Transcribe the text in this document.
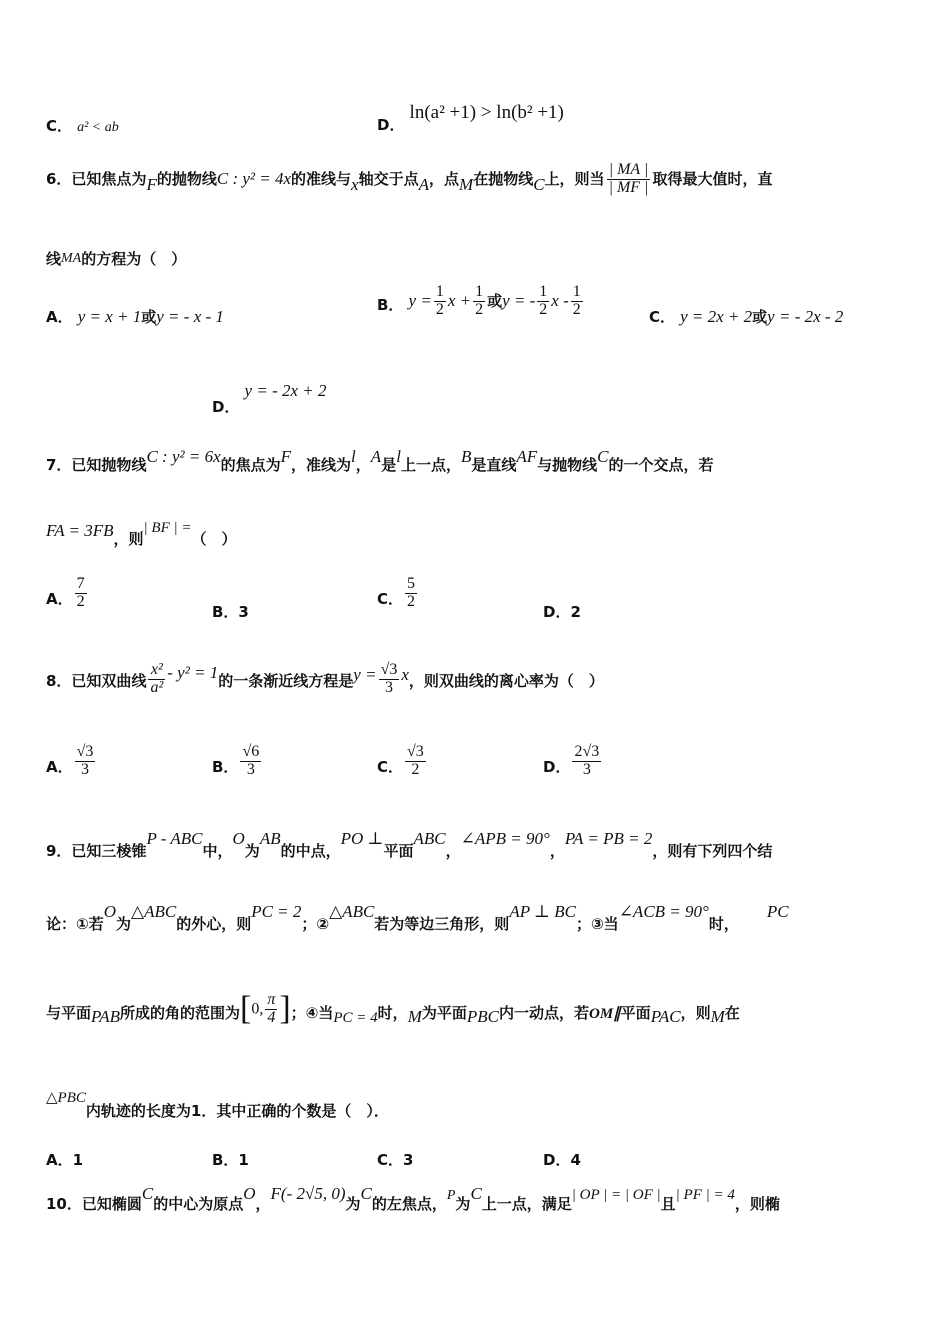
C． a² < ab	D． ln(a² +1) > ln(b² +1)
6．已知焦点为F的抛物线C : y² = 4x的准线与x轴交于点A，点M在抛物线C上，则当 $\frac{| MA |}{| MF |}$ 取得最大值时，直
线MA的方程为（　）
A． y = x + 1或y = - x - 1
B． $y = \frac{1}{2}$ $x + \frac{1}{2}$ 或y = - $\frac{1}{2}$ x - $\frac{1}{2}$	C． y = 2x + 2或y = - 2x - 2
D． y = - 2x + 2
7．已知抛物线C : y² = 6x的焦点为F，准线为l，A是l上一点，B是直线AF与抛物线C的一个交点，若
FA = 3FB，则| BF | =（　）
A． $\frac{7}{2}$
B．3
C． $\frac{5}{2}$
D．2
8．已知双曲线 $\frac{\text{x²}}{\text{a²}} - y^2 = 1$的一条渐近线方程是$y = \frac{√3}{3}$ x，则双曲线的离心率为（　）
A． $\frac{√3}{3}$	B． $\frac{√6}{3}$	C． $\frac{√3}{2}$	D． $\frac{2√3}{3}$
9．已知三棱锥P - ABC中，O为AB的中点，PO ⊥平面ABC，∠APB = 90°，PA = PB = 2，则有下列四个结
论：①若O为△ABC的外心，则PC = 2；②△ABC若为等边三角形，则AP ⊥ BC；③当∠ACB = 90°时，PC
与平面PAB所成的角的范围为[0, $\frac{\pi}{4}$ ]；④当PC = 4时，M为平面PBC内一动点，若OM∥平面PAC，则M在
△PBC内轨迹的长度为1．其中正确的个数是（　）．
A．1	B．1	C．3	D．4
10．已知椭圆C的中心为原点O，F(- 2√5, 0)为C的左焦点，P为C上一点，满足| OP | = | OF |且| PF | = 4，则椭
